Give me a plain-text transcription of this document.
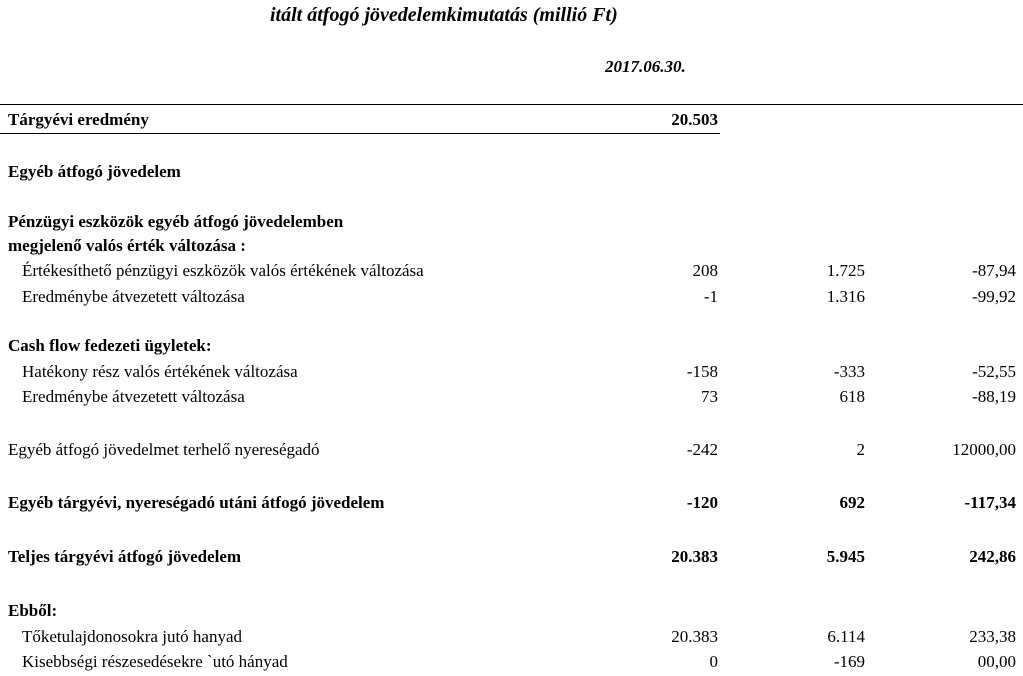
itált átfogó jövedelemkimutatás (millió Ft)
2017.06.30.
Tárgyévi eredmény	20.503
Egyéb átfogó jövedelem
Pénzügyi eszközök egyéb átfogó jövedelemben
megjelenő valós érték változása :
Értékesíthető pénzügyi eszközök valós értékének változása	208	1.725	-87,94
Eredménybe átvezetett változása	-1	1.316	-99,92
Cash flow fedezeti ügyletek:
Hatékony rész valós értékének változása	-158	-333	-52,55
Eredménybe átvezetett változása	73	618	-88,19
Egyéb átfogó jövedelmet terhelő nyereségadó	-242	2	12000,00
Egyéb tárgyévi, nyereségadó utáni átfogó jövedelem	-120	692	-117,34
Teljes tárgyévi átfogó jövedelem	20.383	5.945	242,86
Ebből:
Tőketulajdonosokra jutó hanyad	20.383	6.114	233,38
Kisebbségi részesedésekre `utó hányad	0	-169	00,00
